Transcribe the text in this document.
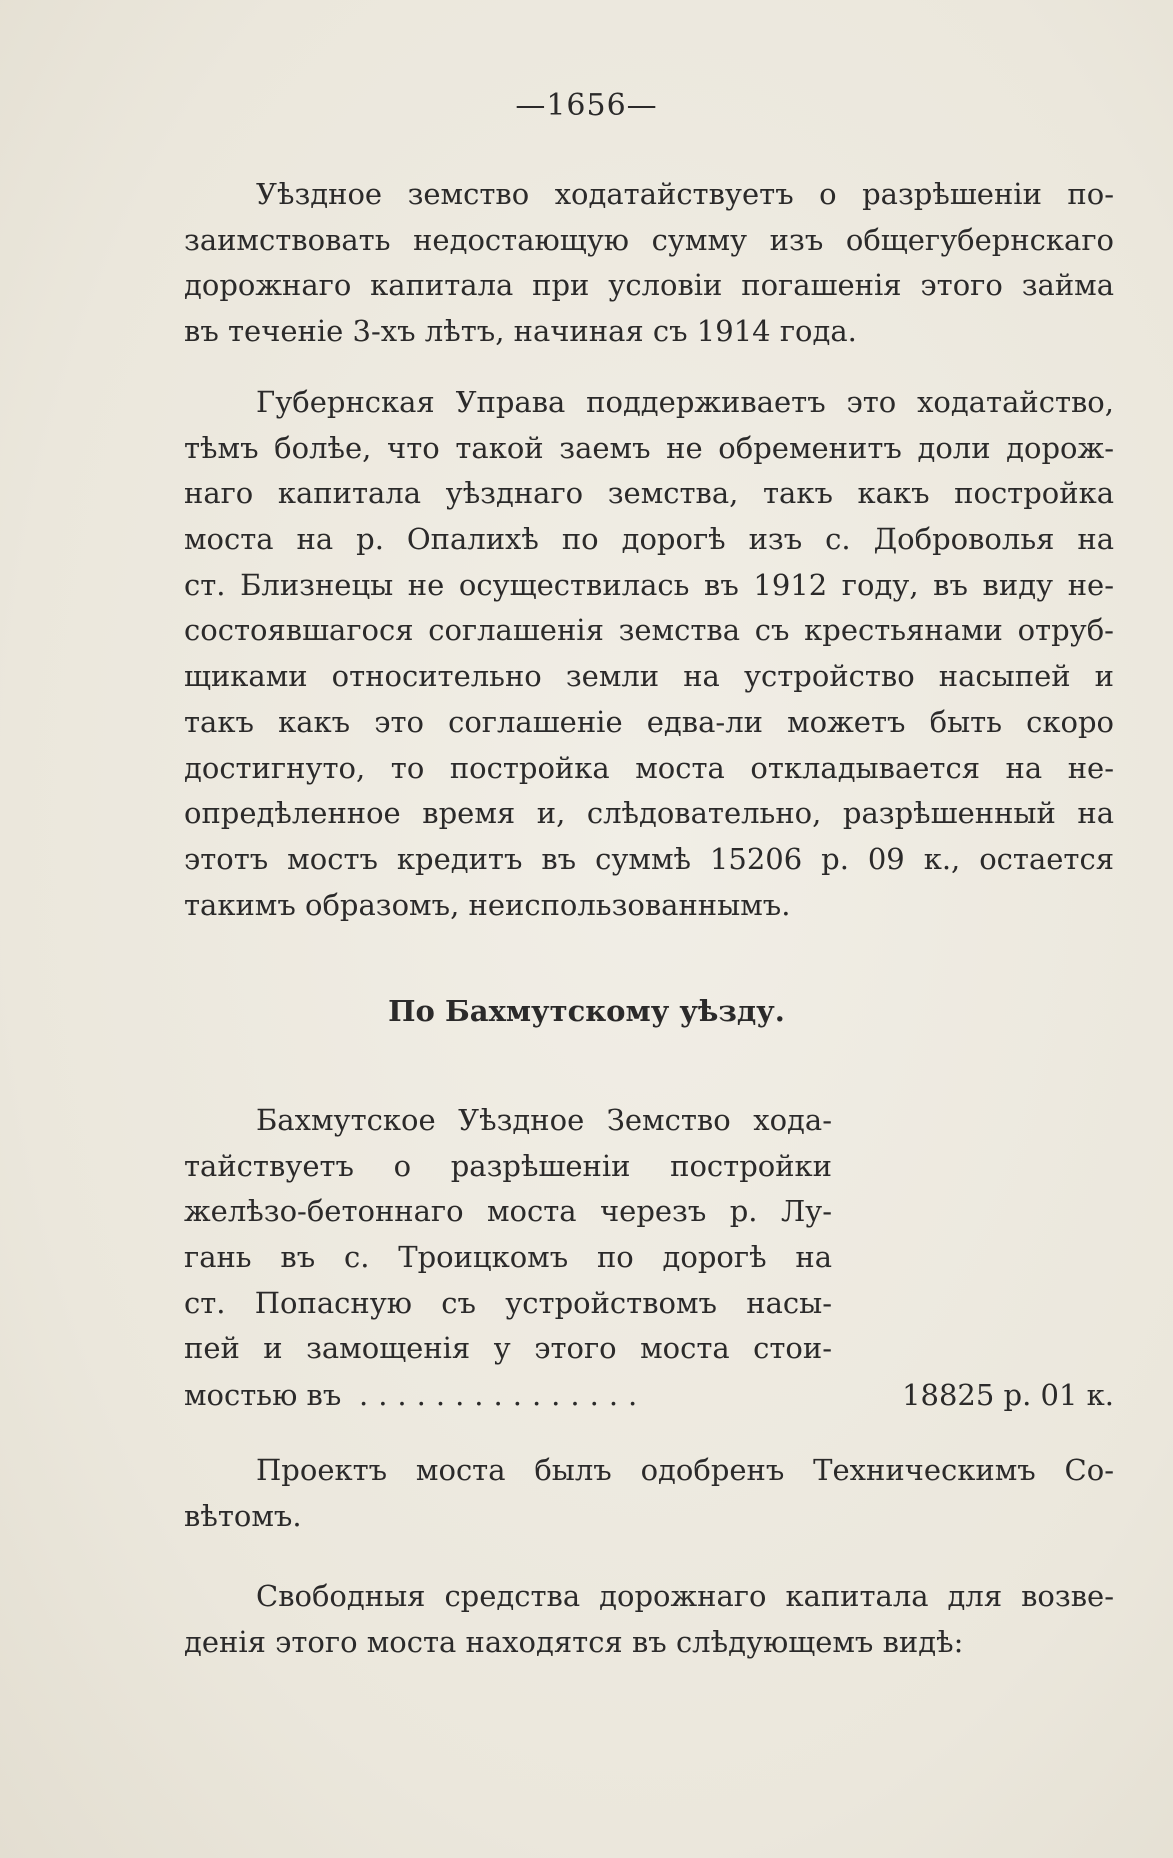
—1656—
Уѣздное земство ходатайствуетъ о разрѣшеніи по-
заимствовать недостающую сумму изъ общегубернскаго
дорожнаго капитала при условіи погашенія этого займа
въ теченіе 3-хъ лѣтъ, начиная съ 1914 года.
Губернская Управа поддерживаетъ это ходатайство,
тѣмъ болѣе, что такой заемъ не обременитъ доли дорож-
наго капитала уѣзднаго земства, такъ какъ постройка
моста на р. Опалихѣ по дорогѣ изъ с. Доброволья на
ст. Близнецы не осуществилась въ 1912 году, въ виду не-
состоявшагося соглашенія земства съ крестьянами отруб-
щиками относительно земли на устройство насыпей и
такъ какъ это соглашеніе едва-ли можетъ быть скоро
достигнуто, то постройка моста откладывается на не-
опредѣленное время и, слѣдовательно, разрѣшенный на
этотъ мостъ кредитъ въ суммѣ 15206 р. 09 к., остается
такимъ образомъ, неиспользованнымъ.
По Бахмутскому уѣзду.
Бахмутское Уѣздное Земство хода-
тайствуетъ о разрѣшеніи постройки
желѣзо-бетоннаго моста черезъ р. Лу-
гань въ с. Троицкомъ по дорогѣ на
ст. Попасную съ устройствомъ насы-
пей и замощенія у этого моста стои-
мостью въ ...............	18825 р. 01 к.
Проектъ моста былъ одобренъ Техническимъ Со-
вѣтомъ.
Свободныя средства дорожнаго капитала для возве-
денія этого моста находятся въ слѣдующемъ видѣ:
